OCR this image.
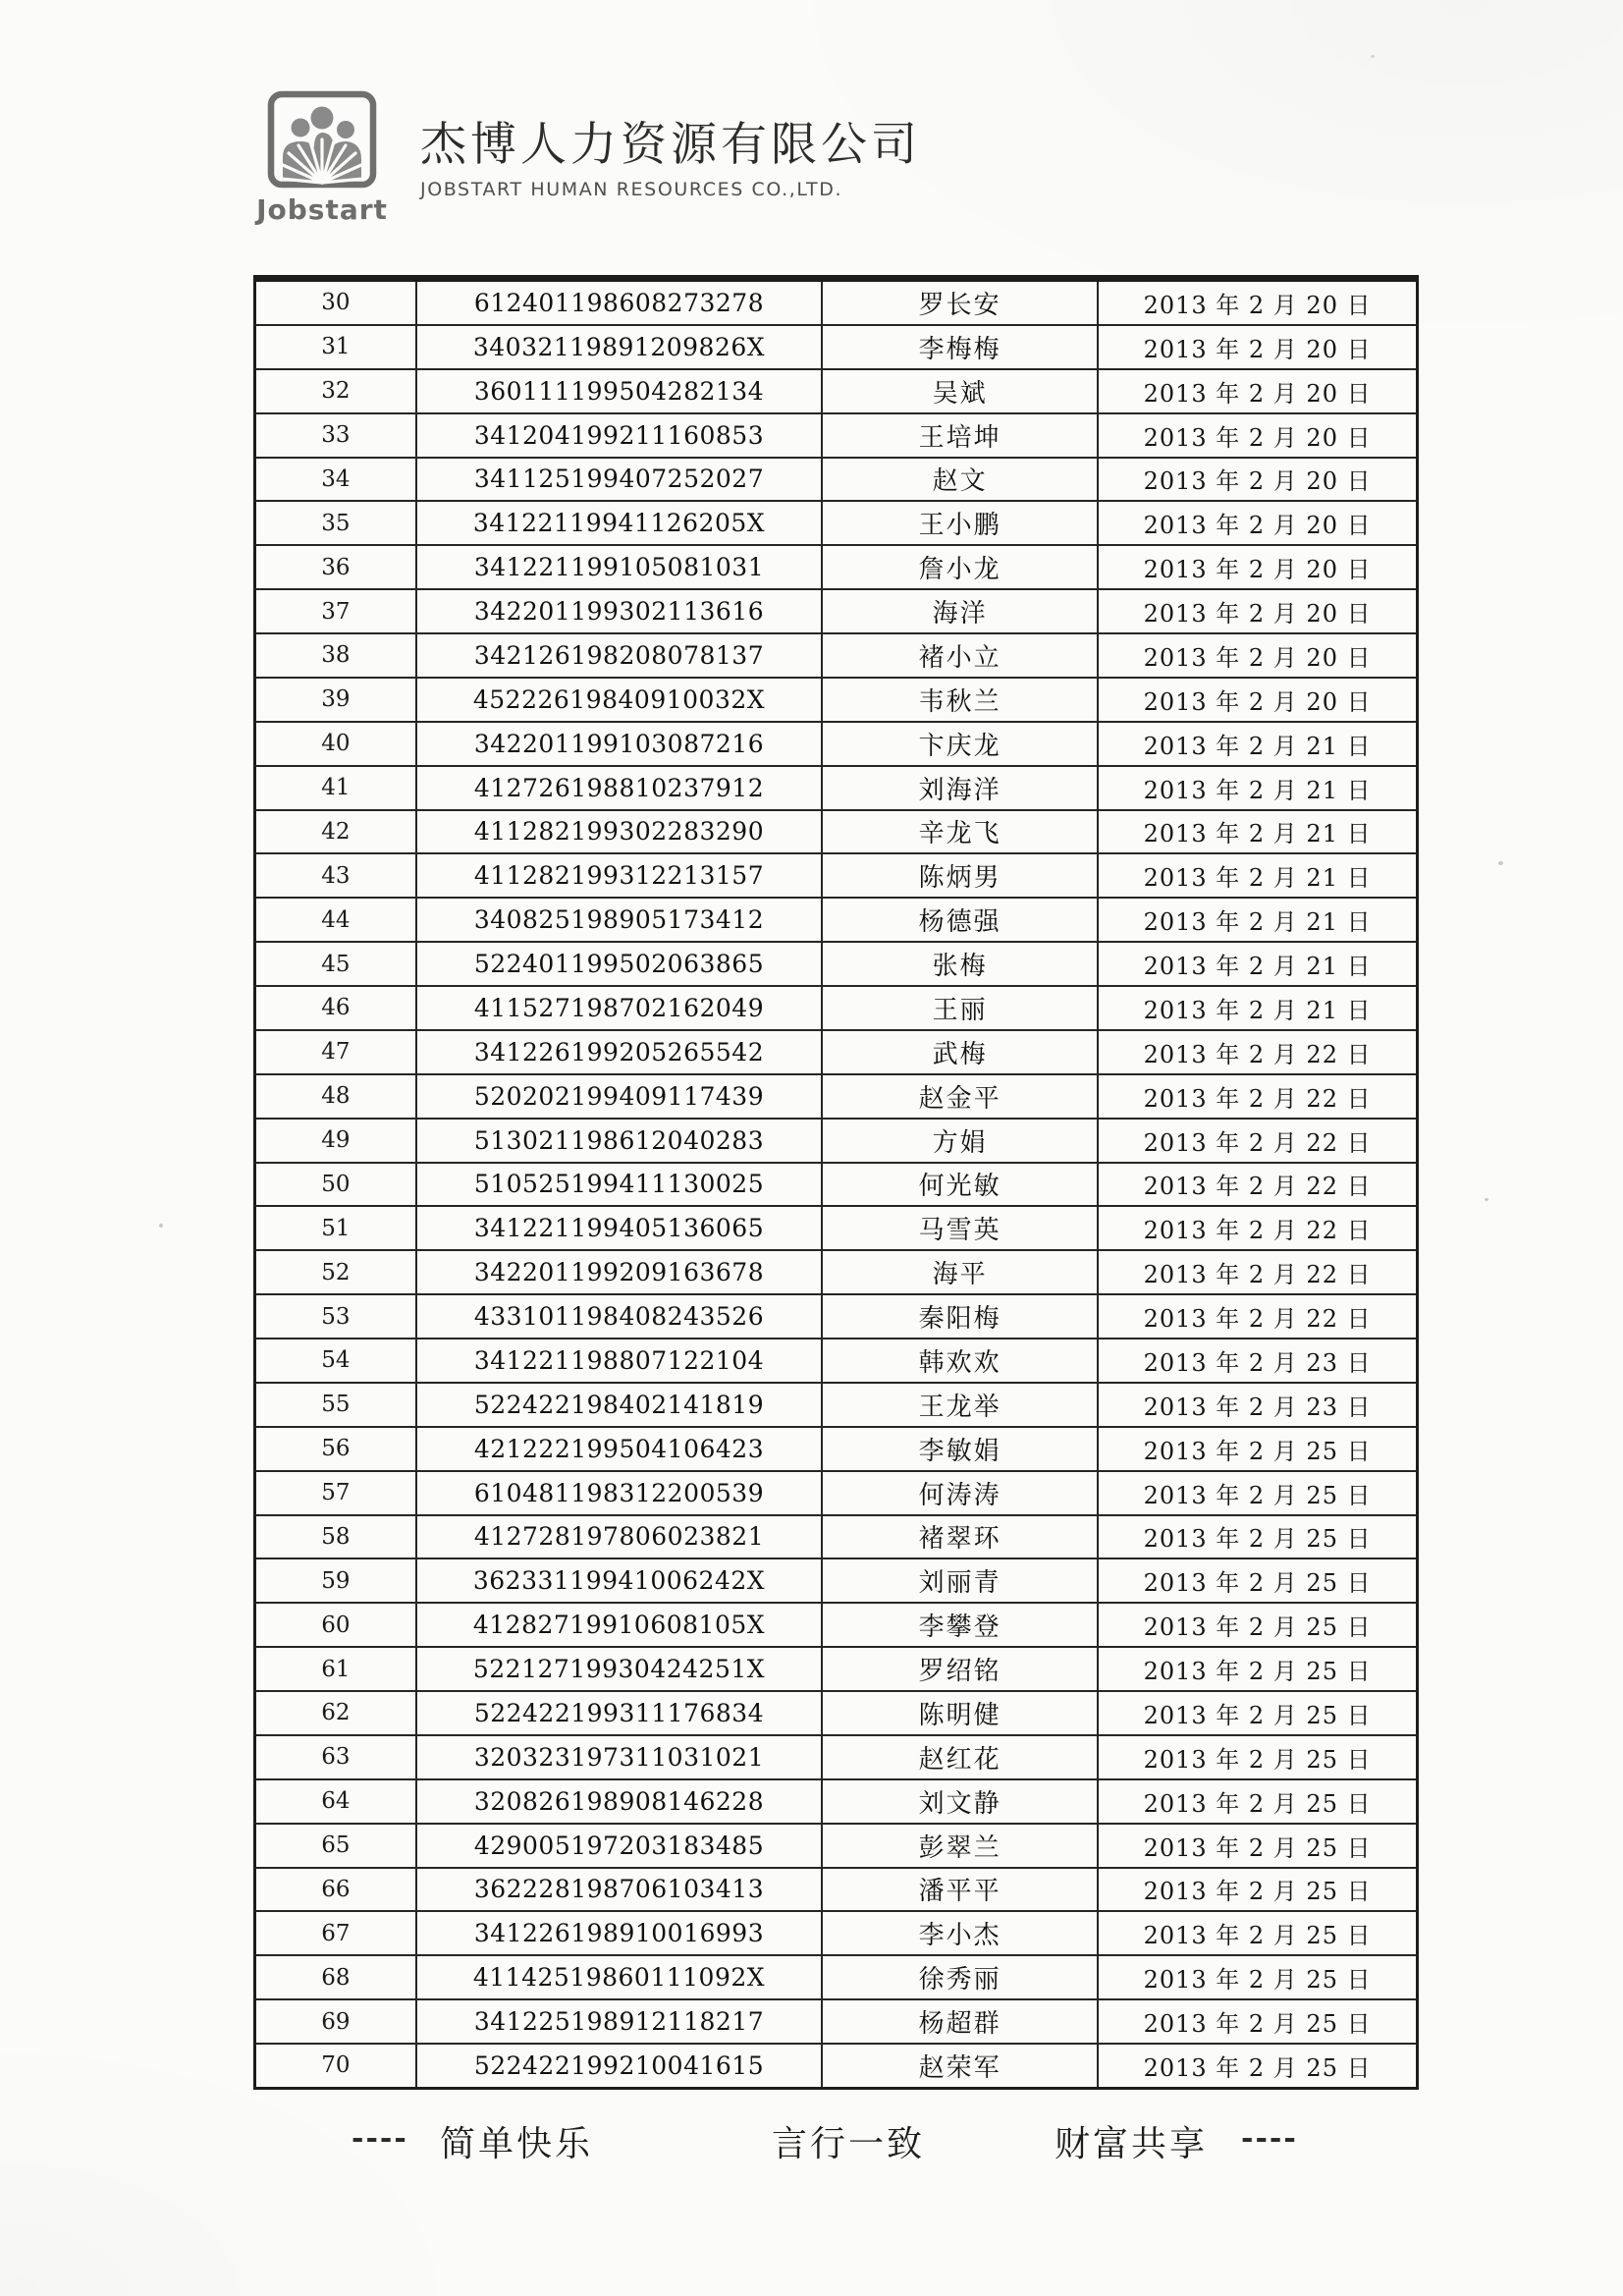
Jobstart
杰博人力资源有限公司
JOBSTART HUMAN RESOURCES CO.,LTD.
30	612401198608273278	罗长安	2013 年 2 月 20 日
31	34032119891209826X	李梅梅	2013 年 2 月 20 日
32	360111199504282134	吴斌	2013 年 2 月 20 日
33	341204199211160853	王培坤	2013 年 2 月 20 日
34	341125199407252027	赵文	2013 年 2 月 20 日
35	34122119941126205X	王小鹏	2013 年 2 月 20 日
36	341221199105081031	詹小龙	2013 年 2 月 20 日
37	342201199302113616	海洋	2013 年 2 月 20 日
38	342126198208078137	褚小立	2013 年 2 月 20 日
39	45222619840910032X	韦秋兰	2013 年 2 月 20 日
40	342201199103087216	卞庆龙	2013 年 2 月 21 日
41	412726198810237912	刘海洋	2013 年 2 月 21 日
42	411282199302283290	辛龙飞	2013 年 2 月 21 日
43	411282199312213157	陈炳男	2013 年 2 月 21 日
44	340825198905173412	杨德强	2013 年 2 月 21 日
45	522401199502063865	张梅	2013 年 2 月 21 日
46	411527198702162049	王丽	2013 年 2 月 21 日
47	341226199205265542	武梅	2013 年 2 月 22 日
48	520202199409117439	赵金平	2013 年 2 月 22 日
49	513021198612040283	方娟	2013 年 2 月 22 日
50	510525199411130025	何光敏	2013 年 2 月 22 日
51	341221199405136065	马雪英	2013 年 2 月 22 日
52	342201199209163678	海平	2013 年 2 月 22 日
53	433101198408243526	秦阳梅	2013 年 2 月 22 日
54	341221198807122104	韩欢欢	2013 年 2 月 23 日
55	522422198402141819	王龙举	2013 年 2 月 23 日
56	421222199504106423	李敏娟	2013 年 2 月 25 日
57	610481198312200539	何涛涛	2013 年 2 月 25 日
58	412728197806023821	褚翠环	2013 年 2 月 25 日
59	36233119941006242X	刘丽青	2013 年 2 月 25 日
60	41282719910608105X	李攀登	2013 年 2 月 25 日
61	52212719930424251X	罗绍铭	2013 年 2 月 25 日
62	522422199311176834	陈明健	2013 年 2 月 25 日
63	320323197311031021	赵红花	2013 年 2 月 25 日
64	320826198908146228	刘文静	2013 年 2 月 25 日
65	429005197203183485	彭翠兰	2013 年 2 月 25 日
66	362228198706103413	潘平平	2013 年 2 月 25 日
67	341226198910016993	李小杰	2013 年 2 月 25 日
68	41142519860111092X	徐秀丽	2013 年 2 月 25 日
69	341225198912118217	杨超群	2013 年 2 月 25 日
70	522422199210041615	赵荣军	2013 年 2 月 25 日
---- 简单快乐	言行一致	财富共享 ----
